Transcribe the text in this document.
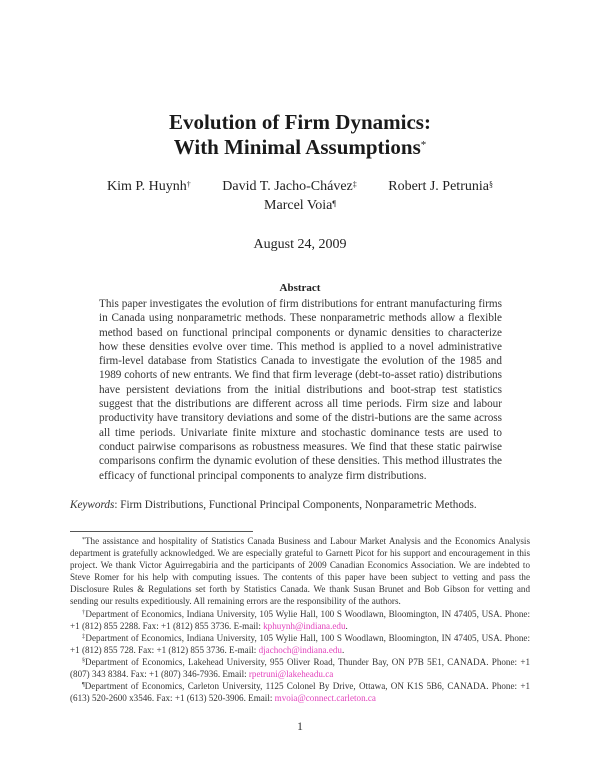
Evolution of Firm Dynamics:
With Minimal Assumptions*
Kim P. Huynh† David T. Jacho-Chávez‡ Robert J. Petrunia§
Marcel Voia¶
August 24, 2009
Abstract
This paper investigates the evolution of firm distributions for entrant manufacturing firms in Canada using nonparametric methods. These nonparametric methods allow a flexible method based on functional principal components or dynamic densities to characterize how these densities evolve over time. This method is applied to a novel administrative firm-level database from Statistics Canada to investigate the evolution of the 1985 and 1989 cohorts of new entrants. We find that firm leverage (debt-to-asset ratio) distributions have persistent deviations from the initial distributions and boot-strap test statistics suggest that the distributions are different across all time periods. Firm size and labour productivity have transitory deviations and some of the distri-butions are the same across all time periods. Univariate finite mixture and stochastic dominance tests are used to conduct pairwise comparisons as robustness measures. We find that these static pairwise comparisons confirm the dynamic evolution of these densities. This method illustrates the efficacy of functional principal components to analyze firm distributions.
Keywords: Firm Distributions, Functional Principal Components, Nonparametric Methods.

*The assistance and hospitality of Statistics Canada Business and Labour Market Analysis and the Economics Analysis department is gratefully acknowledged. We are especially grateful to Garnett Picot for his support and encouragement in this project. We thank Victor Aguirregabiria and the participants of 2009 Canadian Economics Association. We are indebted to Steve Romer for his help with computing issues. The contents of this paper have been subject to vetting and pass the Disclosure Rules & Regulations set forth by Statistics Canada. We thank Susan Brunet and Bob Gibson for vetting and sending our results expeditiously. All remaining errors are the responsibility of the authors.

†Department of Economics, Indiana University, 105 Wylie Hall, 100 S Woodlawn, Bloomington, IN 47405, USA. Phone: +1 (812) 855 2288. Fax: +1 (812) 855 3736. E-mail: kphuynh@indiana.edu.

‡Department of Economics, Indiana University, 105 Wylie Hall, 100 S Woodlawn, Bloomington, IN 47405, USA. Phone: +1 (812) 855 728. Fax: +1 (812) 855 3736. E-mail: djachoch@indiana.edu.

§Department of Economics, Lakehead University, 955 Oliver Road, Thunder Bay, ON P7B 5E1, CANADA. Phone: +1 (807) 343 8384. Fax: +1 (807) 346-7936. Email: rpetruni@lakeheadu.ca

¶Department of Economics, Carleton University, 1125 Colonel By Drive, Ottawa, ON K1S 5B6, CANADA. Phone: +1 (613) 520-2600 x3546. Fax: +1 (613) 520-3906. Email: mvoia@connect.carleton.ca

1
